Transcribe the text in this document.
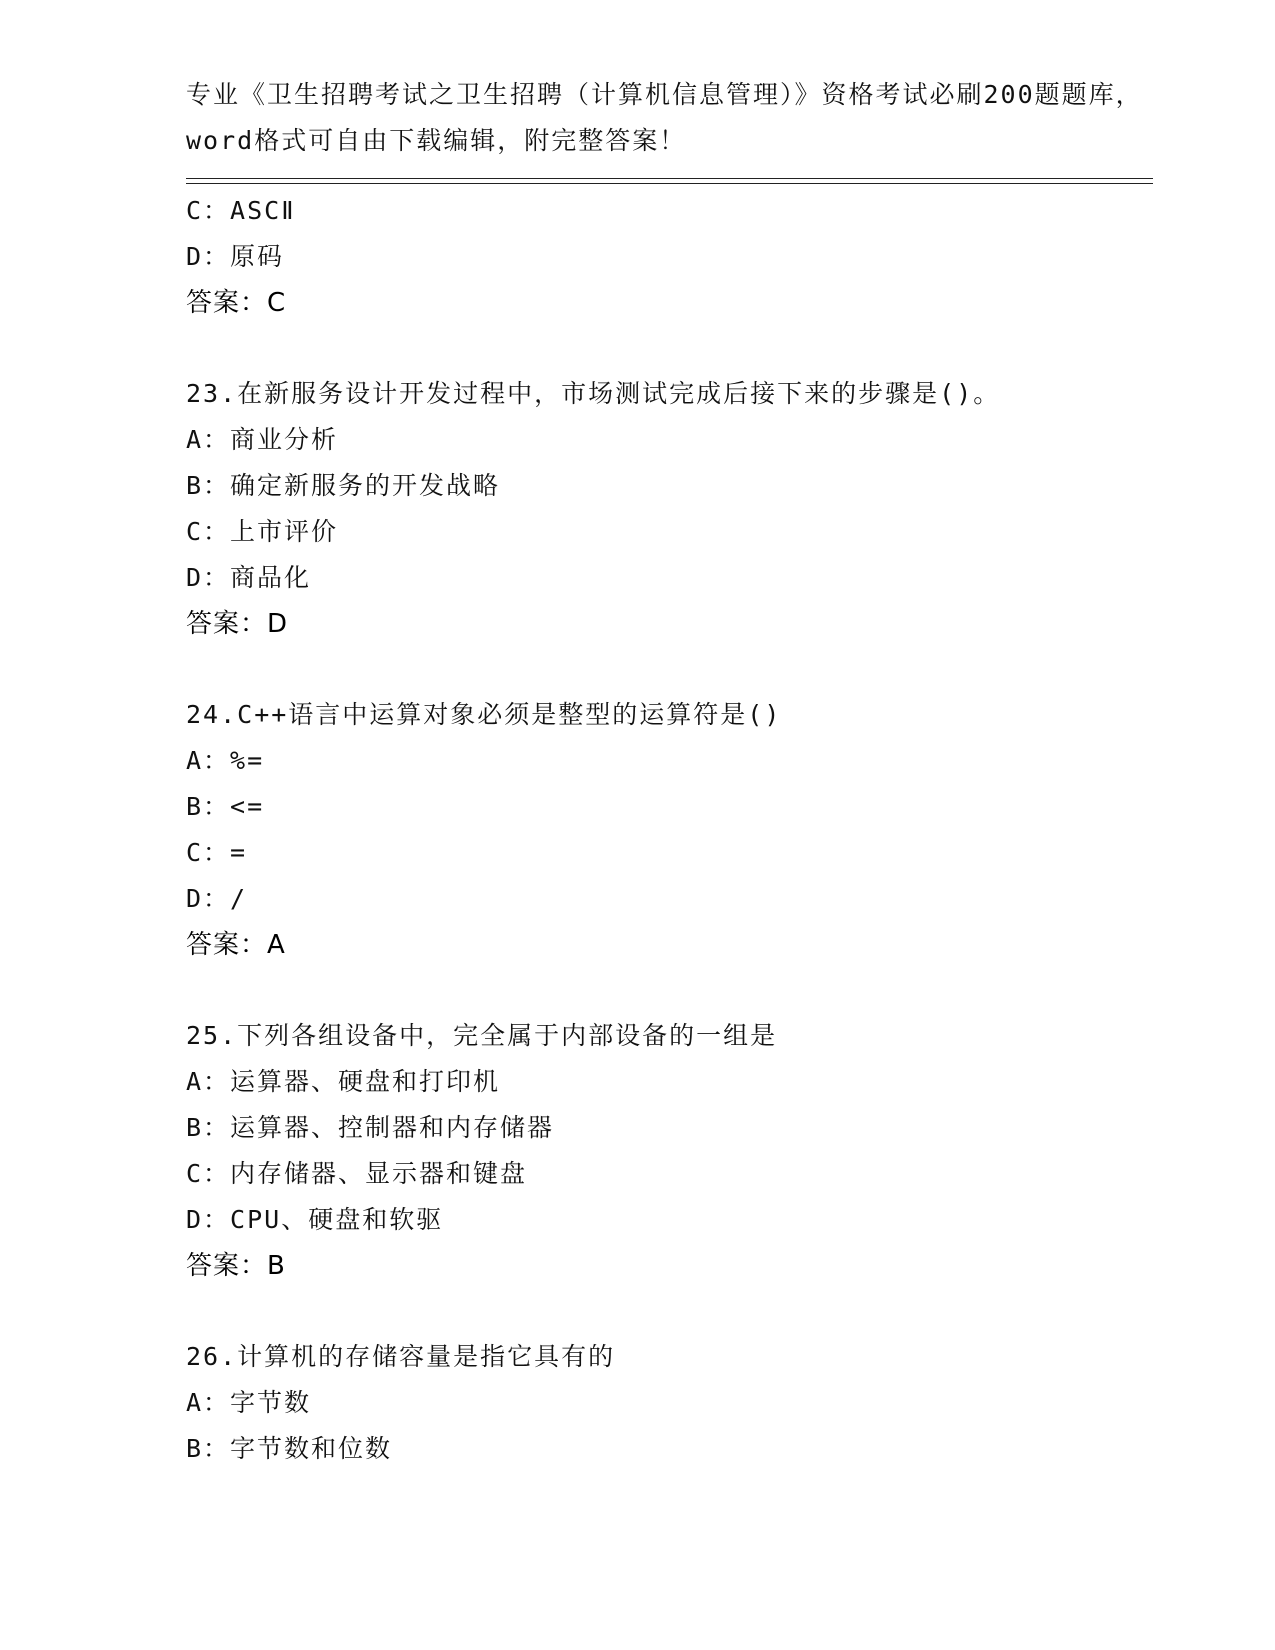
专业《卫生招聘考试之卫生招聘（计算机信息管理）》资格考试必刷200题题库，
word格式可自由下载编辑，附完整答案！
C：ASCⅡ
D：原码
答案：C
23.在新服务设计开发过程中，市场测试完成后接下来的步骤是()。
A：商业分析
B：确定新服务的开发战略
C：上市评价
D：商品化
答案：D
24.C++语言中运算对象必须是整型的运算符是()
A：%=
B：<=
C：=
D：/
答案：A
25.下列各组设备中，完全属于内部设备的一组是
A：运算器、硬盘和打印机
B：运算器、控制器和内存储器
C：内存储器、显示器和键盘
D：CPU、硬盘和软驱
答案：B
26.计算机的存储容量是指它具有的
A：字节数
B：字节数和位数
